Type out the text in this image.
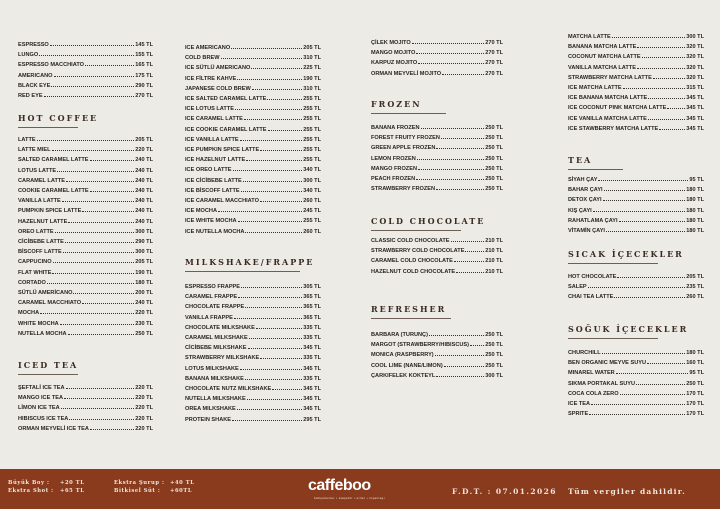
ESPRESSO	145 TL
LUNGO	155 TL
ESPRESSO MACCHIATO	165 TL
AMERICANO	175 TL
BLACK EYE	290 TL
RED EYE	270 TL
HOT COFFEE
LATTE	205 TL
LATTE MIEL	220 TL
SALTED CARAMEL LATTE	240 TL
LOTUS LATTE	240 TL
CARAMEL LATTE	240 TL
COOKIE CARAMEL LATTE	240 TL
VANILLA LATTE	240 TL
PUMPKIN SPICE LATTE	240 TL
HAZELNUT LATTE	240 TL
OREO LATTE	300 TL
CİCİBEBE LATTE	290 TL
BİSCOFF LATTE	300 TL
CAPPUCINO	205 TL
FLAT WHITE	190 TL
CORTADO	180 TL
SÜTLÜ AMERİCANO	200 TL
CARAMEL MACCHIATO	240 TL
MOCHA	220 TL
WHITE MOCHA	230 TL
NUTELLA MOCHA	250 TL
ICED TEA
ŞEFTALİ ICE TEA	220 TL
MANGO ICE TEA	220 TL
LİMON ICE TEA	220 TL
HIBISCUS ICE TEA	220 TL
ORMAN MEYVELİ ICE TEA	220 TL
ICE AMERICANO	205 TL
COLD BREW	310 TL
ICE SÜTLÜ AMERICANO	225 TL
ICE FİLTRE KAHVE	190 TL
JAPANESE COLD BREW	310 TL
ICE SALTED CARAMEL LATTE	255 TL
ICE LOTUS LATTE	255 TL
ICE CARAMEL LATTE	255 TL
ICE COOKIE CARAMEL LATTE	255 TL
ICE VANILLA LATTE	255 TL
ICE PUMPKIN SPICE LATTE	255 TL
ICE HAZELNUT LATTE	255 TL
ICE OREO LATTE	340 TL
ICE CİCİBEBE LATTE	300 TL
ICE BİSCOFF LATTE	340 TL
ICE CARAMEL MACCHIATO	260 TL
ICE MOCHA	245 TL
ICE WHITE MOCHA	255 TL
ICE NUTELLA MOCHA	260 TL
MILKSHAKE/FRAPPE
ESPRESSO FRAPPE	305 TL
CARAMEL FRAPPE	365 TL
CHOCOLATE FRAPPE	365 TL
VANILLA FRAPPE	365 TL
CHOCOLATE MILKSHAKE	335 TL
CARAMEL MILKSHAKE	335 TL
CİCİBEBE MILKSHAKE	345 TL
STRAWBERRY MILKSHAKE	335 TL
LOTUS MILKSHAKE	345 TL
BANANA MILKSHAKE	335 TL
CHOCOLATE NUTZ MILKSHAKE	345 TL
NUTELLA MILKSHAKE	345 TL
OREA MILKSHAKE	345 TL
PROTEIN SHAKE	295 TL
ÇİLEK MOJITO	270 TL
MANGO MOJITO	270 TL
KARPUZ MOJITO	270 TL
ORMAN MEYVELİ MOJITO	270 TL
FROZEN
BANANA FROZEN	250 TL
FOREST FRUITY FROZEN	250 TL
GREEN APPLE FROZEN	250 TL
LEMON FROZEN	250 TL
MANGO FROZEN	250 TL
PEACH FROZEN	250 TL
STRAWBERRY FROZEN	250 TL
COLD CHOCOLATE
CLASSIC COLD CHOCOLATE	210 TL
STRAWBERRY COLD CHOCOLATE	210 TL
CARAMEL COLD CHOCOLATE	210 TL
HAZELNUT COLD CHOCOLATE	210 TL
REFRESHER
BARBARA (TURUNÇ)	250 TL
MARGOT (STRAWBERRY/HIBISCUS)	250 TL
MONICA (RASPBERRY)	250 TL
COOL LIME (NANE/LIMON)	250 TL
ÇARKIFELEK KOKTEYL	300 TL
MATCHA LATTE	300 TL
BANANA MATCHA LATTE	320 TL
COCONUT MATCHA LATTE	320 TL
VANILLA MATCHA LATTE	320 TL
STRAWBERRY MATCHA LATTE	320 TL
ICE MATCHA LATTE	315 TL
ICE BANANA MATCHA LATTE	345 TL
ICE COCONUT PINK MATCHA LATTE	345 TL
ICE VANILLA MATCHA LATTE	345 TL
ICE STAWBERRY MATCHA LATTE	345 TL
TEA
SİYAH ÇAY	95 TL
BAHAR ÇAYI	180 TL
DETOX ÇAYI	180 TL
KIŞ ÇAYI	180 TL
RAHATLAMA ÇAYI	180 TL
VİTAMİN ÇAYI	180 TL
SICAK İÇECEKLER
HOT CHOCOLATE	205 TL
SALEP	235 TL
CHAI TEA LATTE	260 TL
SOĞUK İÇECEKLER
CHURCHILL	180 TL
BEN ORGANIC MEYVE SUYU	160 TL
MINAREL WATER	95 TL
SIKMA PORTAKAL SUYU	250 TL
COCA COLA ZERO	170 TL
ICE TEA	170 TL
SPRITE	170 TL
Büyük Boy : +20 TL
Ekstra Shot : +65 TL
Ekstra Şurup : +40 TL
Bitkisel Süt : +60TL	caffeboo
bahçelievler • ataşehir • etiler • nişantaşı
F.D.T. : 07.01.2026 Tüm vergiler dahildir.
